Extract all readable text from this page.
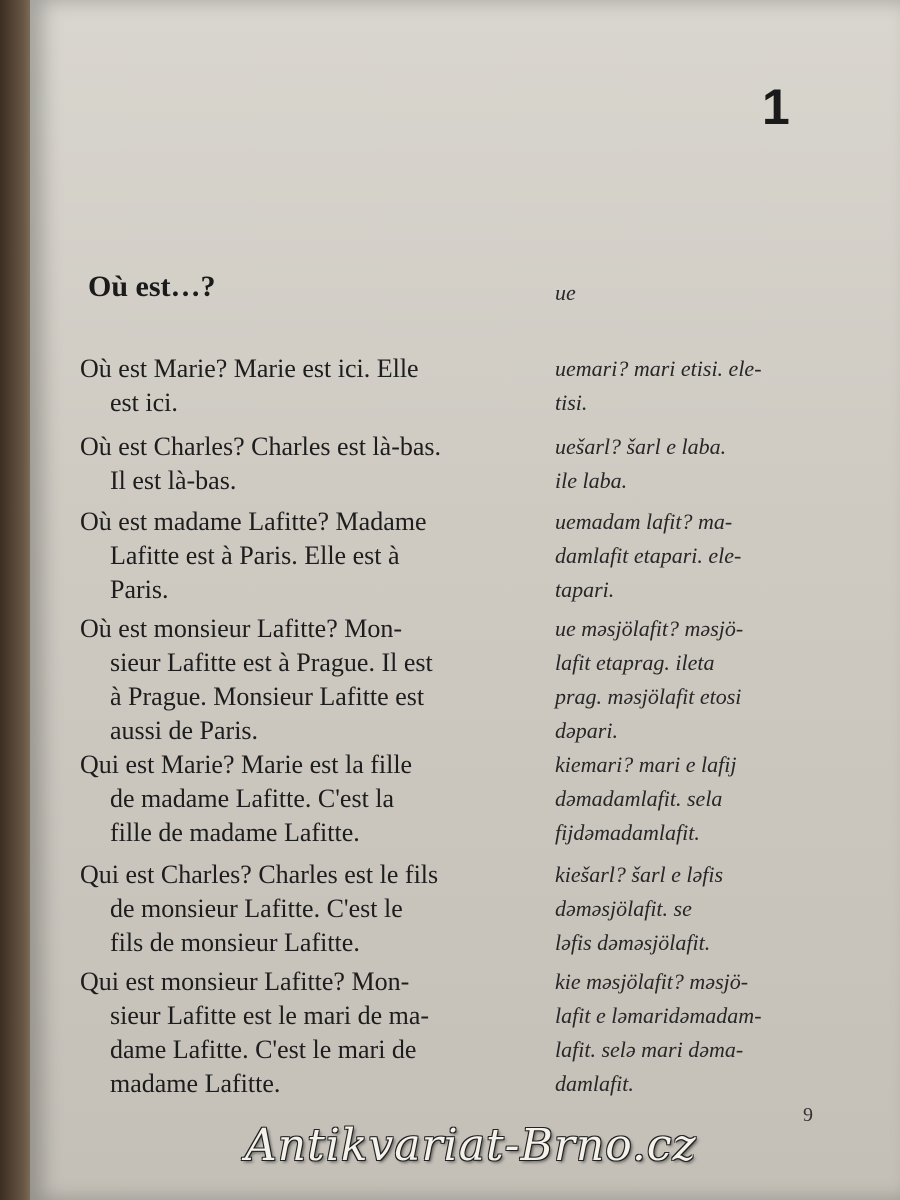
1
Où est…?	ue
Où est Marie? Marie est ici. Elle
est ici.
uemari? mari etisi. ele-
tisi.
Où est Charles? Charles est là-bas.
Il est là-bas.
uešarl? šarl e laba.
ile laba.
Où est madame Lafitte? Madame
Lafitte est à Paris. Elle est à
Paris.
uemadam lafit? ma-
damlafit etapari. ele-
tapari.
Où est monsieur Lafitte? Mon-
sieur Lafitte est à Prague. Il est
à Prague. Monsieur Lafitte est
aussi de Paris.
ue məsjölafit? məsjö-
lafit etaprag. ileta
prag. məsjölafit etosi
dəpari.
Qui est Marie? Marie est la fille
de madame Lafitte. C'est la
fille de madame Lafitte.
kiemari? mari e lafij
dəmadamlafit. sela
fijdəmadamlafit.
Qui est Charles? Charles est le fils
de monsieur Lafitte. C'est le
fils de monsieur Lafitte.
kiešarl? šarl e ləfis
dəməsjölafit. se
ləfis dəməsjölafit.
Qui est monsieur Lafitte? Mon-
sieur Lafitte est le mari de ma-
dame Lafitte. C'est le mari de
madame Lafitte.
kie məsjölafit? məsjö-
lafit e ləmaridəmadam-
lafit. selə mari dəma-
damlafit.
9
Antikvariat-Brno.cz
